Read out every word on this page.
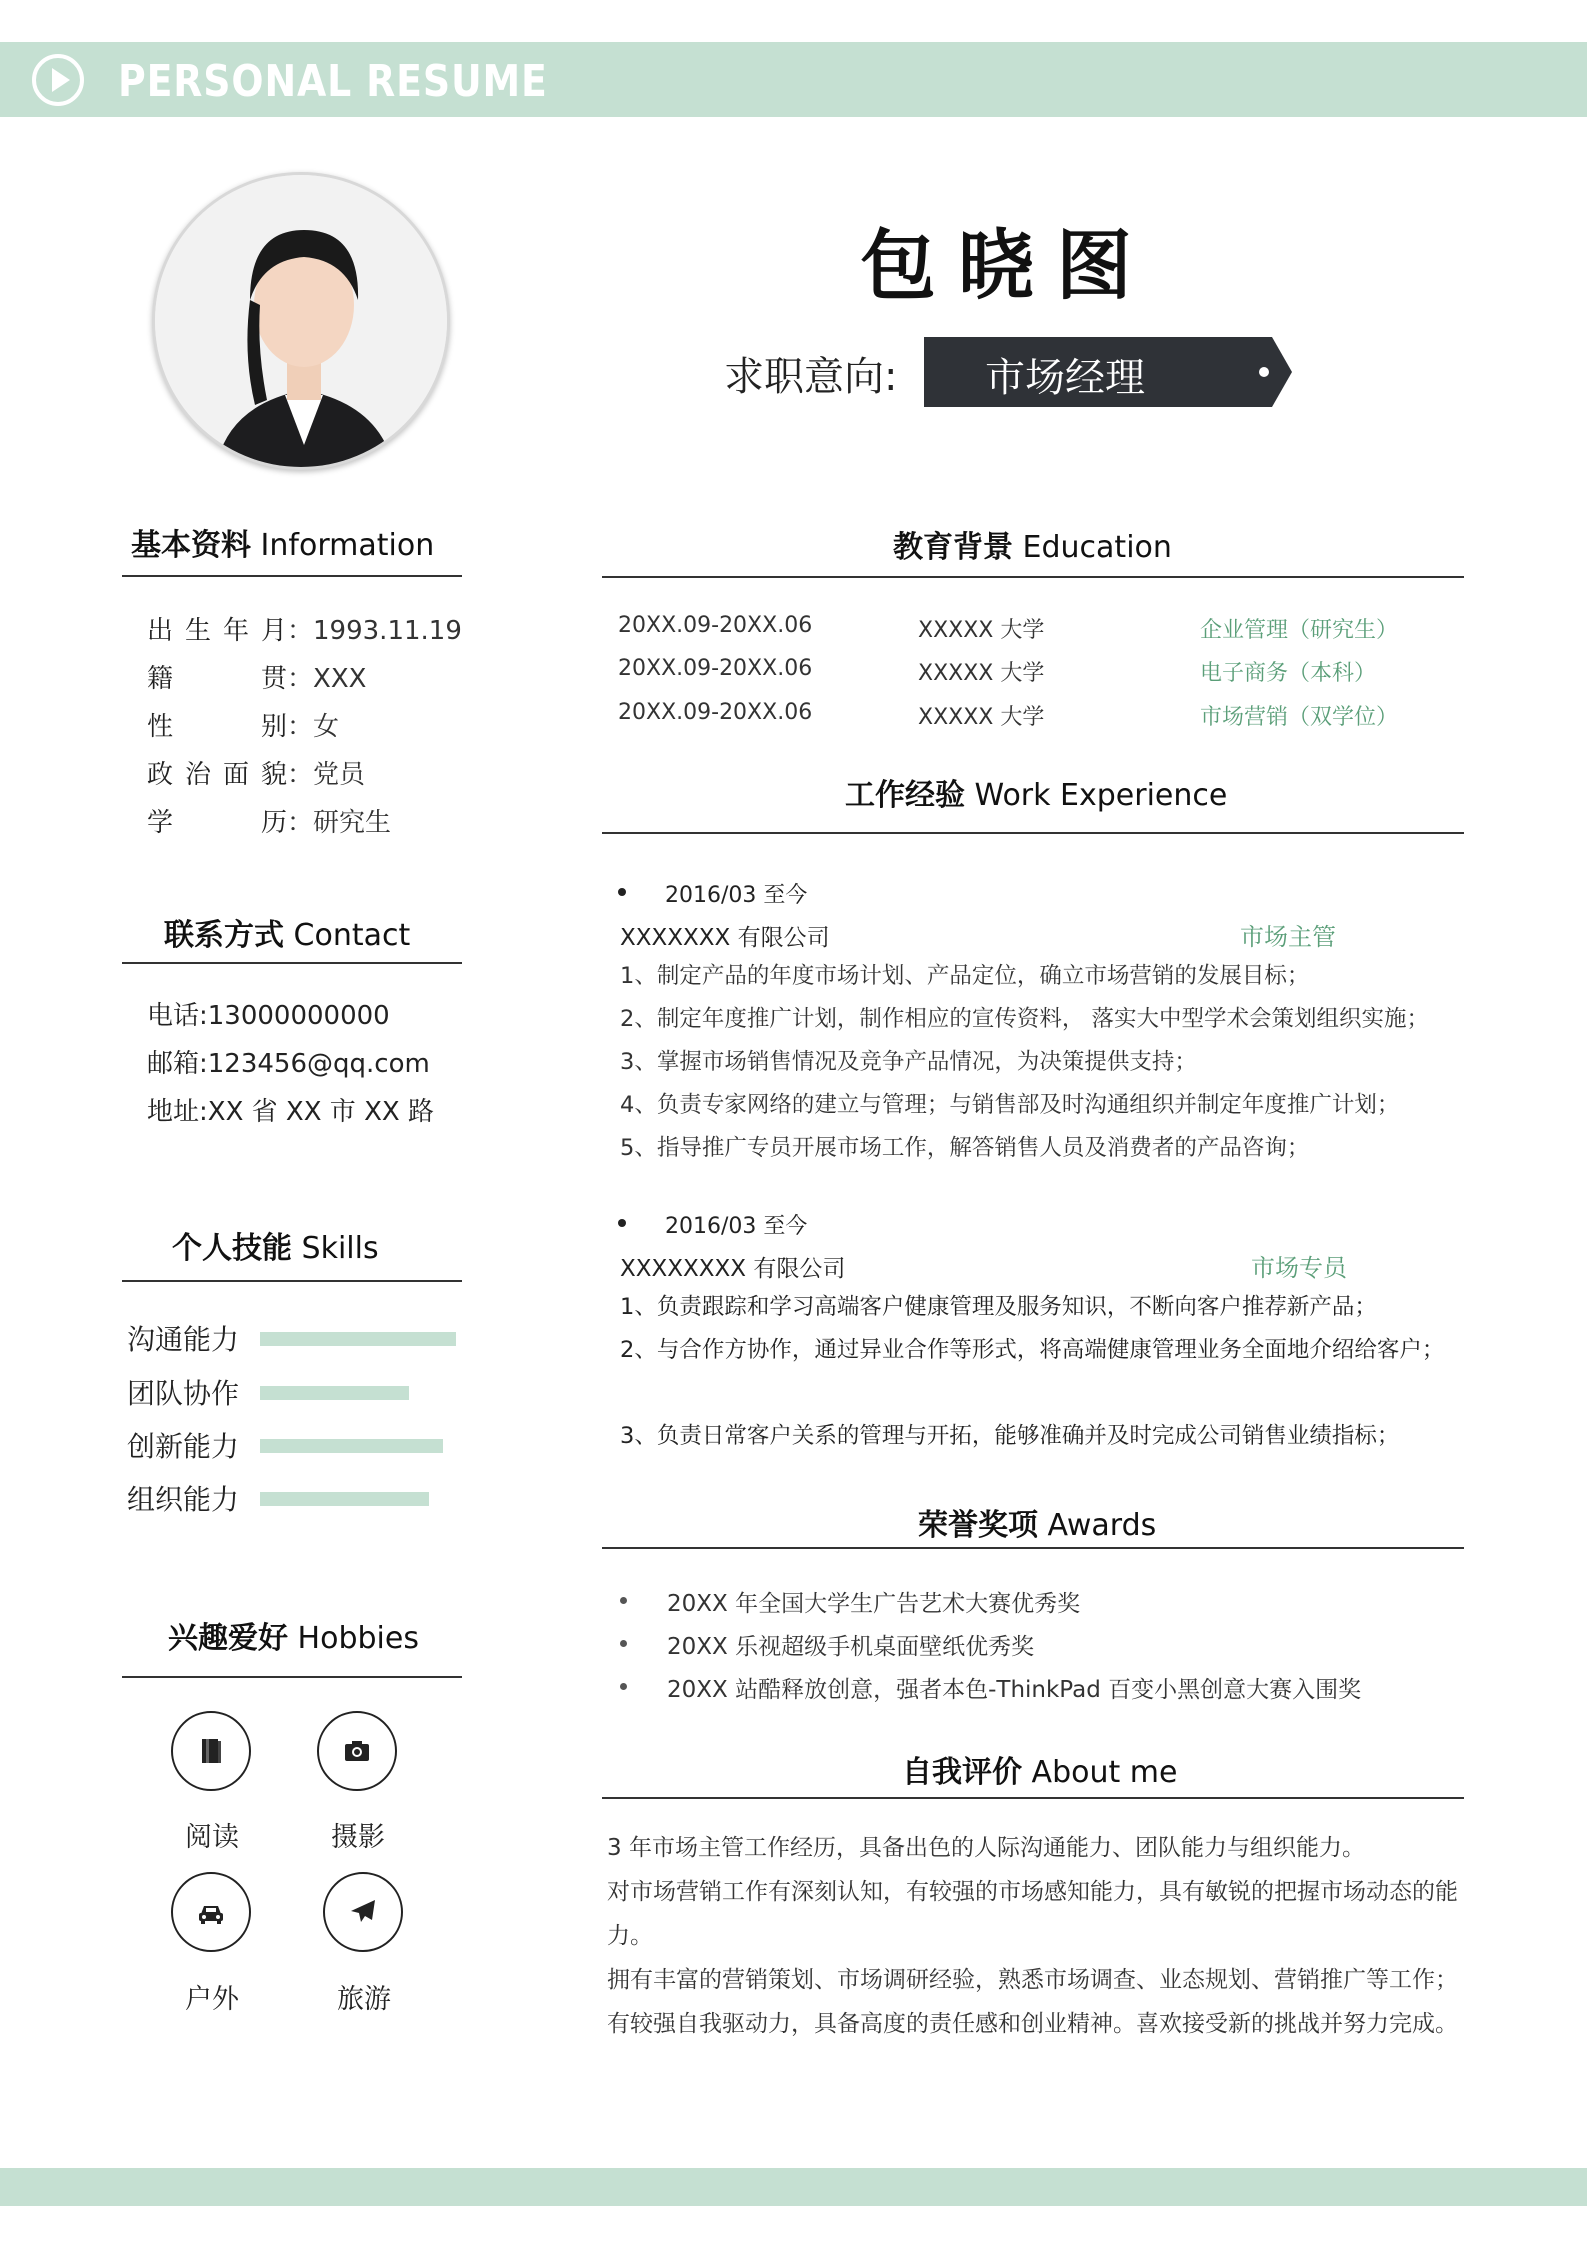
PERSONAL RESUME
包晓图
求职意向: 市场经理
基本资料 Information
出生年月：1993.11.19
籍贯：XXX
性别：女
政治面貌：党员
学历：研究生
联系方式 Contact
电话:13000000000
邮箱:123456@qq.com
地址:XX 省 XX 市 XX 路
个人技能 Skills
沟通能力
团队协作
创新能力
组织能力
兴趣爱好 Hobbies
阅读	摄影
户外	旅游
教育背景 Education
20XX.09-20XX.06	XXXXX 大学	企业管理（研究生）
20XX.09-20XX.06	XXXXX 大学	电子商务（本科）
20XX.09-20XX.06	XXXXX 大学	市场营销（双学位）
工作经验 Work Experience
2016/03 至今
XXXXXXX 有限公司	市场主管
1、制定产品的年度市场计划、产品定位，确立市场营销的发展目标；
2、制定年度推广计划，制作相应的宣传资料， 落实大中型学术会策划组织实施；
3、掌握市场销售情况及竞争产品情况，为决策提供支持；
4、负责专家网络的建立与管理；与销售部及时沟通组织并制定年度推广计划；
5、指导推广专员开展市场工作，解答销售人员及消费者的产品咨询；
2016/03 至今
XXXXXXXX 有限公司	市场专员
1、负责跟踪和学习高端客户健康管理及服务知识，不断向客户推荐新产品；
2、与合作方协作，通过异业合作等形式，将高端健康管理业务全面地介绍给客户；
3、负责日常客户关系的管理与开拓，能够准确并及时完成公司销售业绩指标；
荣誉奖项 Awards
20XX 年全国大学生广告艺术大赛优秀奖
20XX 乐视超级手机桌面壁纸优秀奖
20XX 站酷释放创意，强者本色-ThinkPad 百变小黑创意大赛入围奖
自我评价 About me
3 年市场主管工作经历，具备出色的人际沟通能力、团队能力与组织能力。
对市场营销工作有深刻认知，有较强的市场感知能力，具有敏锐的把握市场动态的能力。
拥有丰富的营销策划、市场调研经验，熟悉市场调查、业态规划、营销推广等工作；有较强自我驱动力，具备高度的责任感和创业精神。喜欢接受新的挑战并努力完成。
